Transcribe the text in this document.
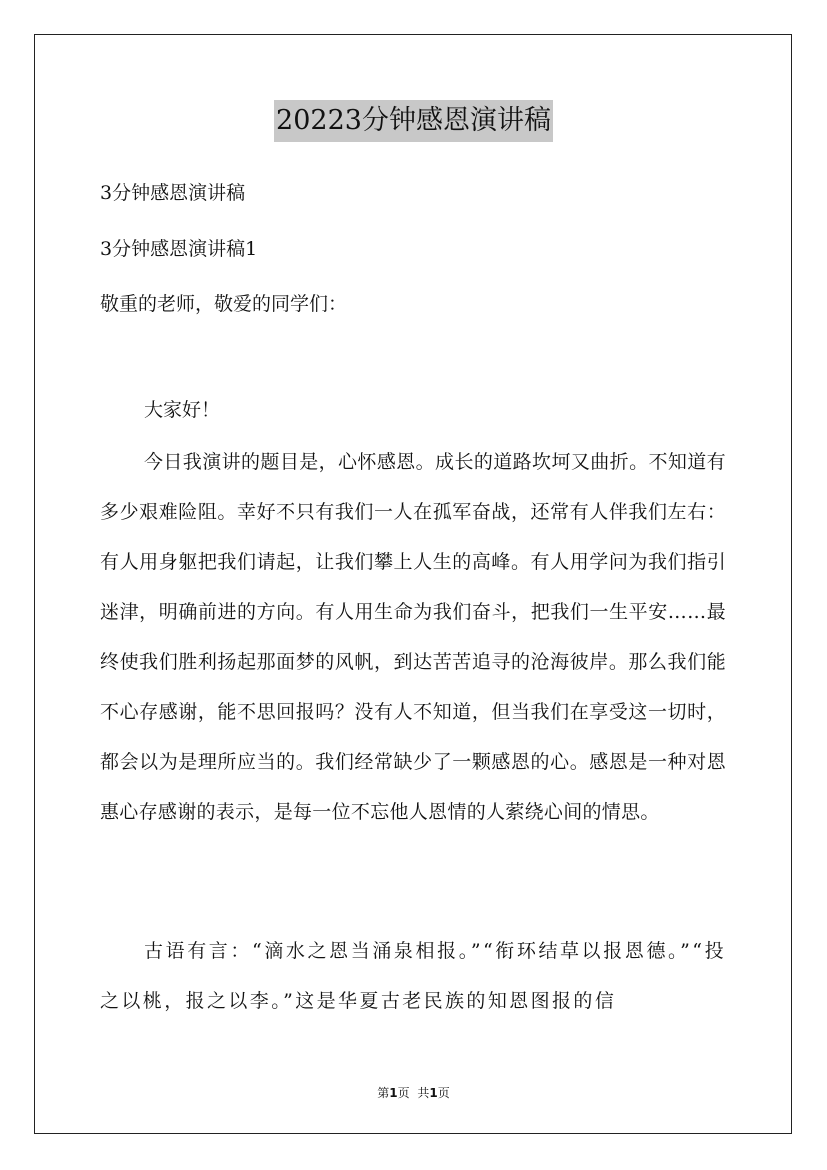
20223分钟感恩演讲稿
3分钟感恩演讲稿
3分钟感恩演讲稿1
敬重的老师，敬爱的同学们：
大家好！
今日我演讲的题目是，心怀感恩。成长的道路坎坷又曲折。不知道有多少艰难险阻。幸好不只有我们一人在孤军奋战，还常有人伴我们左右：有人用身躯把我们请起，让我们攀上人生的高峰。有人用学问为我们指引迷津，明确前进的方向。有人用生命为我们奋斗，把我们一生平安……最终使我们胜利扬起那面梦的风帆，到达苦苦追寻的沧海彼岸。那么我们能不心存感谢，能不思回报吗？没有人不知道，但当我们在享受这一切时，都会以为是理所应当的。我们经常缺少了一颗感恩的心。感恩是一种对恩惠心存感谢的表示，是每一位不忘他人恩情的人萦绕心间的情思。
古语有言：“滴水之恩当涌泉相报。”“衔环结草以报恩德。”“投之以桃，报之以李。”这是华夏古老民族的知恩图报的信
第1页 共1页
